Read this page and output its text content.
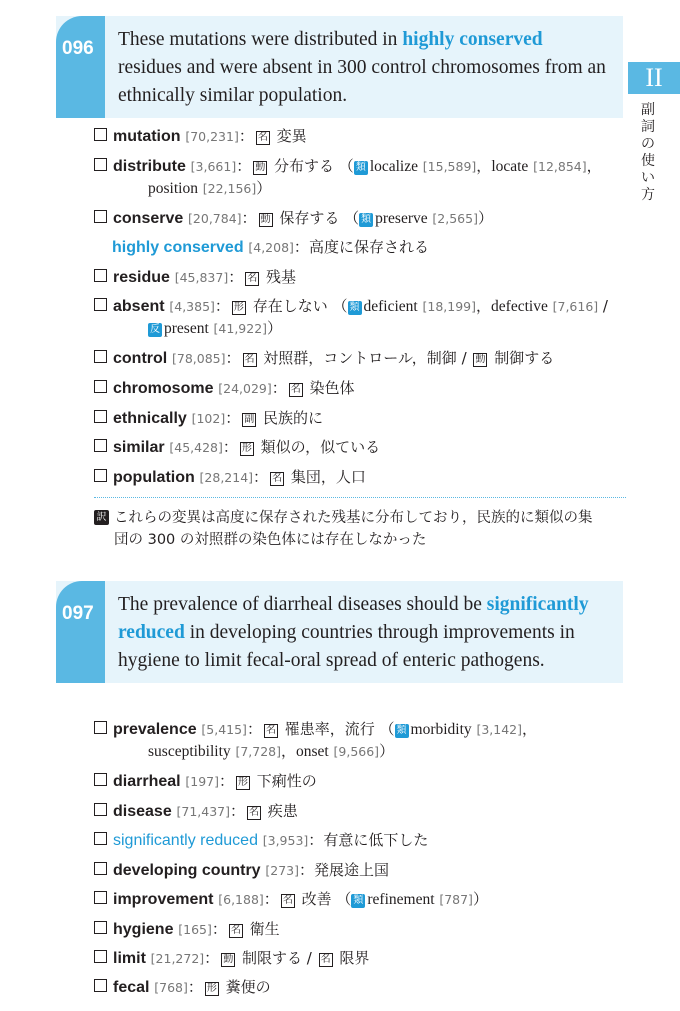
II
副詞の使い方
096	These mutations were distributed in highly conserved residues and were absent in 300 control chromosomes from an ethnically similar population.
mutation [70,231]： 名 変異
distribute [3,661]： 動 分布する （ 類 localize [15,589]，locate [12,854]，
position [22,156]）
conserve [20,784]： 動 保存する （ 類 preserve [2,565]）
highly conserved [4,208]：高度に保存される
residue [45,837]： 名 残基
absent [4,385]： 形 存在しない （ 類 deficient [18,199]，defective [7,616] /
反 present [41,922]）
control [78,085]： 名 対照群，コントロール，制御 / 動 制御する
chromosome [24,029]： 名 染色体
ethnically [102]： 副 民族的に
similar [45,428]： 形 類似の，似ている
population [28,214]： 名 集団，人口
訳 これらの変異は高度に保存された残基に分布しており，民族的に類似の集
団の 300 の対照群の染色体には存在しなかった
097	The prevalence of diarrheal diseases should be significantly reduced in developing countries through improvements in hygiene to limit fecal-oral spread of enteric pathogens.
prevalence [5,415]： 名 罹患率，流行 （ 類 morbidity [3,142]，
susceptibility [7,728]，onset [9,566]）
diarrheal [197]： 形 下痢性の
disease [71,437]： 名 疾患
significantly reduced [3,953]：有意に低下した
developing country [273]：発展途上国
improvement [6,188]： 名 改善 （ 類 refinement [787]）
hygiene [165]： 名 衛生
limit [21,272]： 動 制限する / 名 限界
fecal [768]： 形 糞便の
